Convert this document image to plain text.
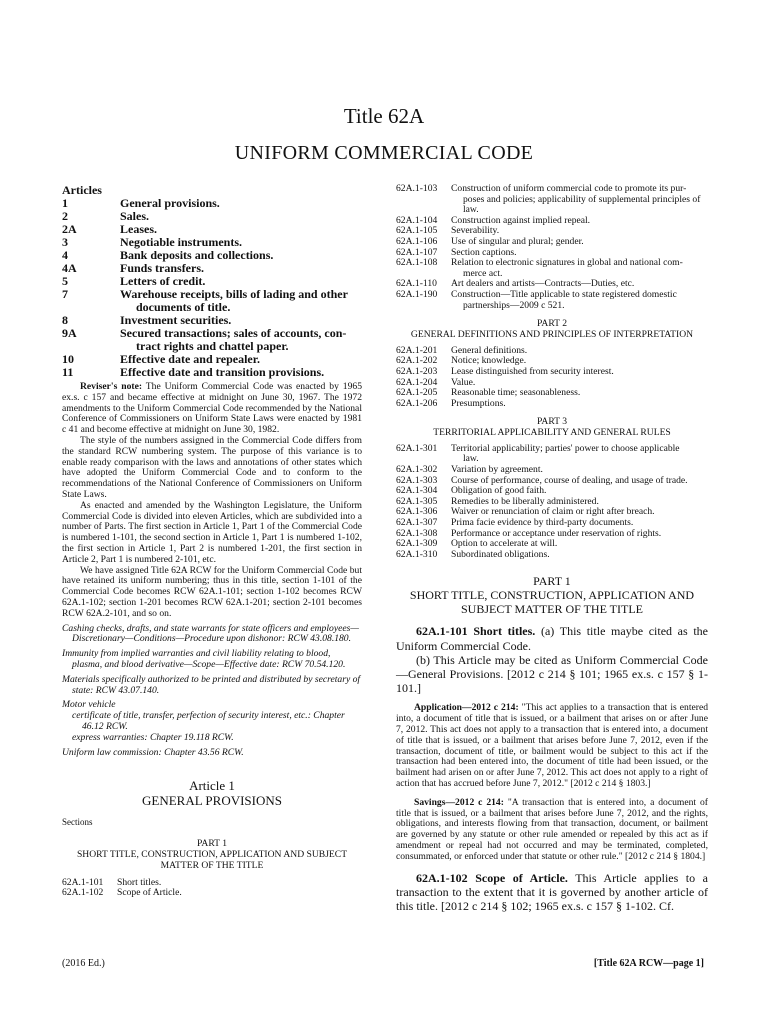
Title 62A
UNIFORM COMMERCIAL CODE
Articles
1	General provisions.
2	Sales.
2A	Leases.
3	Negotiable instruments.
4	Bank deposits and collections.
4A	Funds transfers.
5	Letters of credit.
7	Warehouse receipts, bills of lading and other
documents of title.
8	Investment securities.
9A	Secured transactions; sales of accounts, con-
tract rights and chattel paper.
10	Effective date and repealer.
11	Effective date and transition provisions.

Reviser's note: The Uniform Commercial Code was enacted by 1965 ex.s. c 157 and became effective at midnight on June 30, 1967. The 1972 amendments to the Uniform Commercial Code recommended by the National Conference of Commissioners on Uniform State Laws were enacted by 1981 c 41 and become effective at midnight on June 30, 1982.

The style of the numbers assigned in the Commercial Code differs from the standard RCW numbering system. The purpose of this variance is to enable ready comparison with the laws and annotations of other states which have adopted the Uniform Commercial Code and to conform to the recommendations of the National Conference of Commissioners on Uniform State Laws.

As enacted and amended by the Washington Legislature, the Uniform Commercial Code is divided into eleven Articles, which are subdivided into a number of Parts. The first section in Article 1, Part 1 of the Commercial Code is numbered 1-101, the second section in Article 1, Part 1 is numbered 1-102, the first section in Article 1, Part 2 is numbered 1-201, the first section in Article 2, Part 1 is numbered 2-101, etc.

We have assigned Title 62A RCW for the Uniform Commercial Code but have retained its uniform numbering; thus in this title, section 1-101 of the Commercial Code becomes RCW 62A.1-101; section 1-102 becomes RCW 62A.1-102; section 1-201 becomes RCW 62A.1-201; section 2-101 becomes RCW 62A.2-101, and so on.

Cashing checks, drafts, and state warrants for state officers and employees—Discretionary—Conditions—Procedure upon dishonor: RCW 43.08.180.

Immunity from implied warranties and civil liability relating to blood, plasma, and blood derivative—Scope—Effective date: RCW 70.54.120.

Materials specifically authorized to be printed and distributed by secretary of state: RCW 43.07.140.

Motor vehicle

certificate of title, transfer, perfection of security interest, etc.: Chapter 46.12 RCW.

express warranties: Chapter 19.118 RCW.

Uniform law commission: Chapter 43.56 RCW.

Article 1
GENERAL PROVISIONS
Sections
PART 1
SHORT TITLE, CONSTRUCTION, APPLICATION AND SUBJECT
MATTER OF THE TITLE
62A.1-101	Short titles.
62A.1-102	Scope of Article.
62A.1-103	Construction of uniform commercial code to promote its pur-
poses and policies; applicability of supplemental principles of law.
62A.1-104	Construction against implied repeal.
62A.1-105	Severability.
62A.1-106	Use of singular and plural; gender.
62A.1-107	Section captions.
62A.1-108	Relation to electronic signatures in global and national com-
merce act.
62A.1-110	Art dealers and artists—Contracts—Duties, etc.
62A.1-190	Construction—Title applicable to state registered domestic
partnerships—2009 c 521.
PART 2
GENERAL DEFINITIONS AND PRINCIPLES OF INTERPRETATION
62A.1-201	General definitions.
62A.1-202	Notice; knowledge.
62A.1-203	Lease distinguished from security interest.
62A.1-204	Value.
62A.1-205	Reasonable time; seasonableness.
62A.1-206	Presumptions.
PART 3
TERRITORIAL APPLICABILITY AND GENERAL RULES
62A.1-301	Territorial applicability; parties' power to choose applicable
law.
62A.1-302	Variation by agreement.
62A.1-303	Course of performance, course of dealing, and usage of trade.
62A.1-304	Obligation of good faith.
62A.1-305	Remedies to be liberally administered.
62A.1-306	Waiver or renunciation of claim or right after breach.
62A.1-307	Prima facie evidence by third-party documents.
62A.1-308	Performance or acceptance under reservation of rights.
62A.1-309	Option to accelerate at will.
62A.1-310	Subordinated obligations.
PART 1
SHORT TITLE, CONSTRUCTION, APPLICATION AND
SUBJECT MATTER OF THE TITLE

62A.1-101 Short titles. (a) This title maybe cited as the Uniform Commercial Code.

(b) This Article may be cited as Uniform Commercial Code—General Provisions. [2012 c 214 § 101; 1965 ex.s. c 157 § 1-101.]

Application—2012 c 214: "This act applies to a transaction that is entered into, a document of title that is issued, or a bailment that arises on or after June 7, 2012. This act does not apply to a transaction that is entered into, a document of title that is issued, or a bailment that arises before June 7, 2012, even if the transaction, document of title, or bailment would be subject to this act if the transaction had been entered into, the document of title had been issued, or the bailment had arisen on or after June 7, 2012. This act does not apply to a right of action that has accrued before June 7, 2012." [2012 c 214 § 1803.]

Savings—2012 c 214: "A transaction that is entered into, a document of title that is issued, or a bailment that arises before June 7, 2012, and the rights, obligations, and interests flowing from that transaction, document, or bailment are governed by any statute or other rule amended or repealed by this act as if amendment or repeal had not occurred and may be terminated, completed, consummated, or enforced under that statute or other rule." [2012 c 214 § 1804.]

62A.1-102 Scope of Article. This Article applies to a transaction to the extent that it is governed by another article of this title. [2012 c 214 § 102; 1965 ex.s. c 157 § 1-102. Cf.

(2016 Ed.)	[Title 62A RCW—page 1]
